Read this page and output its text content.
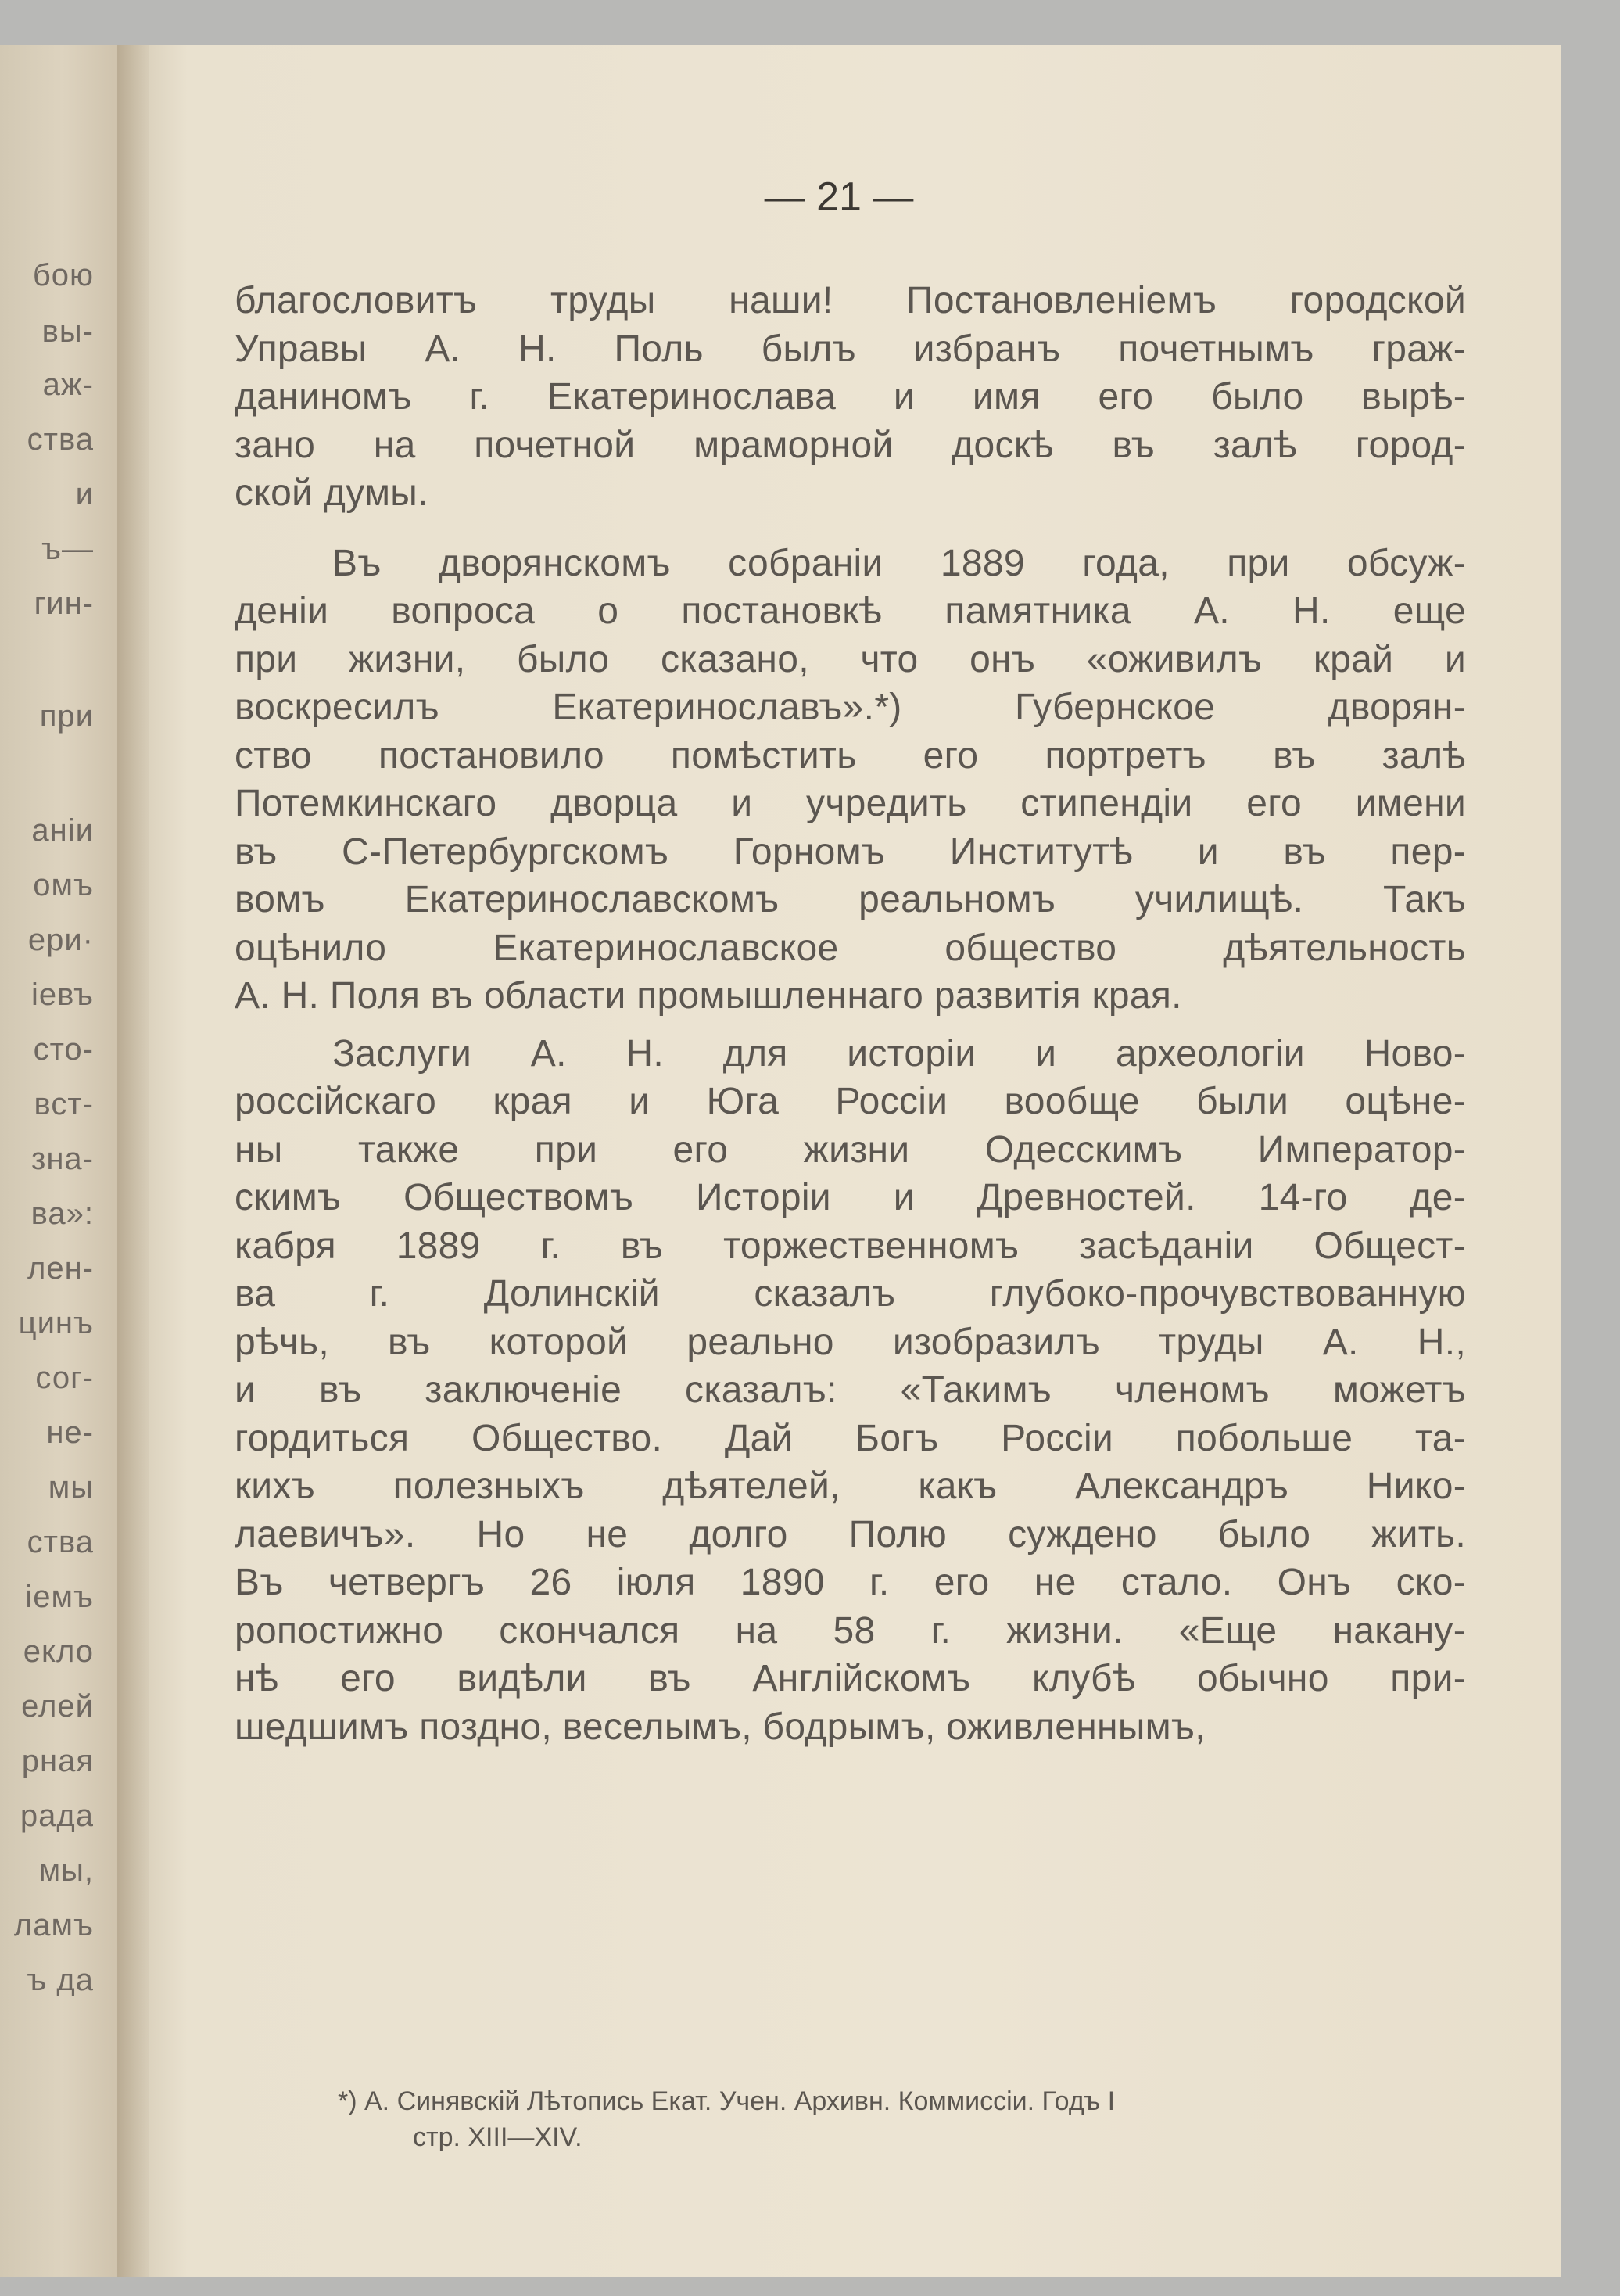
бою
вы-
аж-
ства
и
ъ—
гин-
при
аніи
омъ
ери·
іевъ
сто-
вст-
зна-
ва»:
лен-
цинъ
сог-
не-
мы
ства
іемъ
екло
елей
рная
рада
мы,
ламъ
ъ да
— 21 —
благословитъ труды наши! Постановленіемъ городской
Управы А. Н. Поль былъ избранъ почетнымъ граж-
даниномъ г. Екатеринослава и имя его было вырѣ-
зано на почетной мраморной доскѣ въ залѣ город-
ской думы.
Въ дворянскомъ собраніи 1889 года, при обсуж-
деніи вопроса о постановкѣ памятника А. Н. еще
при жизни, было сказано, что онъ «оживилъ край и
воскресилъ Екатеринославъ».*) Губернское дворян-
ство постановило помѣстить его портретъ въ залѣ
Потемкинскаго дворца и учредить стипендіи его имени
въ С-Петербургскомъ Горномъ Институтѣ и въ пер-
вомъ Екатеринославскомъ реальномъ училищѣ. Такъ
оцѣнило Екатеринославское общество дѣятельность
А. Н. Поля въ области промышленнаго развитія края.
Заслуги А. Н. для исторіи и археологіи Ново-
россійскаго края и Юга Россіи вообще были оцѣне-
ны также при его жизни Одесскимъ Император-
скимъ Обществомъ Исторіи и Древностей. 14-го де-
кабря 1889 г. въ торжественномъ засѣданіи Общест-
ва г. Долинскій сказалъ глубоко-прочувствованную
рѣчь, въ которой реально изобразилъ труды А. Н.,
и въ заключеніе сказалъ: «Такимъ членомъ можетъ
гордиться Общество. Дай Богъ Россіи побольше та-
кихъ полезныхъ дѣятелей, какъ Александръ Нико-
лаевичъ». Но не долго Полю суждено было жить.
Въ четвергъ 26 іюля 1890 г. его не стало. Онъ ско-
ропостижно скончался на 58 г. жизни. «Еще накану-
нѣ его видѣли въ Англійскомъ клубѣ обычно при-
шедшимъ поздно, веселымъ, бодрымъ, оживленнымъ,
*) А. Синявскій Лѣтопись Екат. Учен. Архивн. Коммиссіи. Годъ I
стр. XIII—XIV.
